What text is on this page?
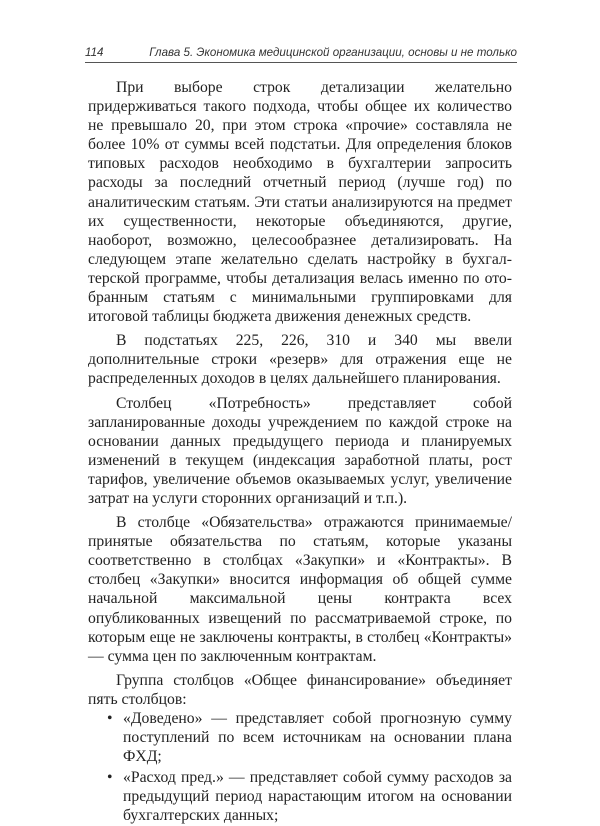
114	Глава 5. Экономика медицинской организации, основы и не только

При выборе строк детализации желательно придерживаться такого подхода, чтобы общее их количество не превышало 20, при этом строка «прочие» составляла не более 10% от суммы всей подстатьи. Для определения блоков типовых расходов необходимо в бухгалтерии запросить расходы за последний отчетный период (лучше год) по аналитическим статьям. Эти статьи анализируются на предмет их существенности, некоторые объединяются, другие, наоборот, возможно, целесообразнее детализировать. На следующем этапе желательно сделать настройку в бухгалтерской программе, чтобы детализация велась именно по отобранным статьям с минимальными группировками для итоговой таблицы бюджета движения денежных средств.

В подстатьях 225, 226, 310 и 340 мы ввели дополнительные строки «резерв» для отражения еще не распределенных доходов в целях дальнейшего планирования.

Столбец «Потребность» представляет собой запланированные доходы учреждением по каждой строке на основании данных предыдущего периода и планируемых изменений в текущем (индексация заработной платы, рост тарифов, увеличение объемов оказываемых услуг, увеличение затрат на услуги сторонних организаций и т.п.).

В столбце «Обязательства» отражаются принимаемые/принятые обязательства по статьям, которые указаны соответственно в столбцах «Закупки» и «Контракты». В столбец «Закупки» вносится информация об общей сумме начальной максимальной цены контракта всех опубликованных извещений по рассматриваемой строке, по которым еще не заключены контракты, в столбец «Контракты» — сумма цен по заключенным контрактам.

Группа столбцов «Общее финансирование» объединяет пять столбцов:

• «Доведено» — представляет собой прогнозную сумму поступлений по всем источникам на основании плана ФХД;
• «Расход пред.» — представляет собой сумму расходов за предыдущий период нарастающим итогом на основании бухгалтерских данных;
